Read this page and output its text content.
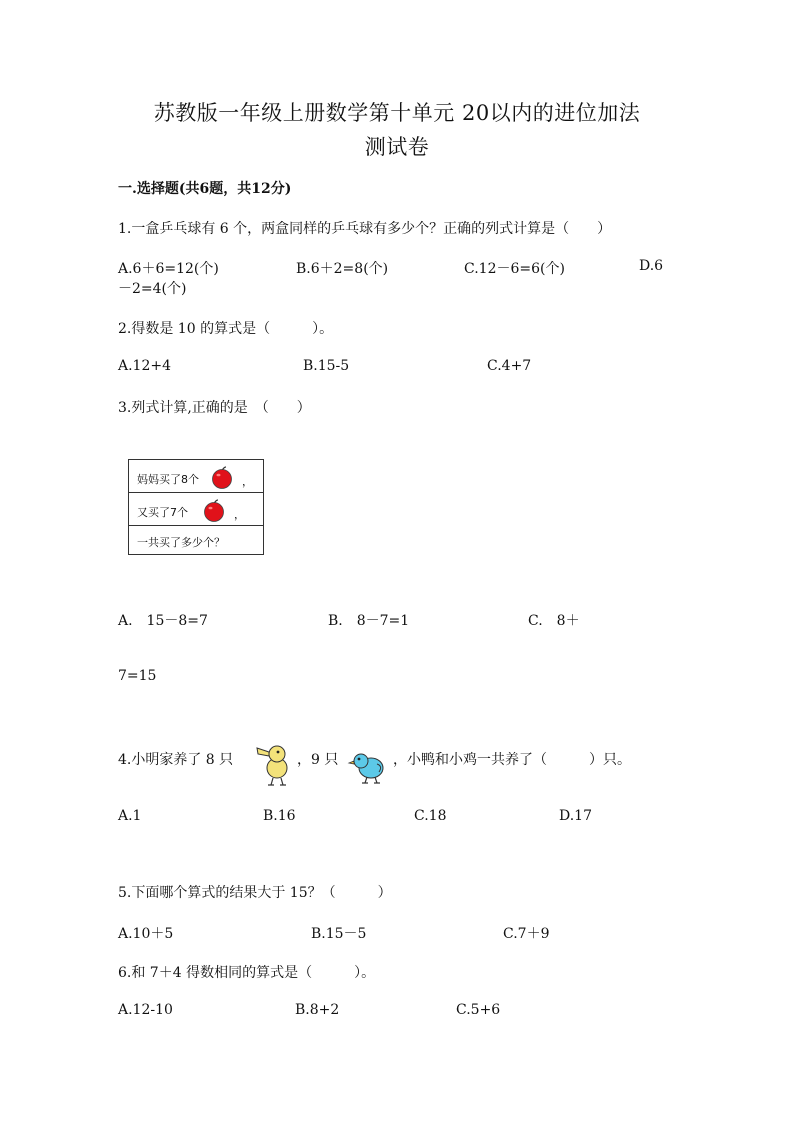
苏教版一年级上册数学第十单元 20以内的进位加法
测试卷
一.选择题(共6题，共12分)
1.一盒乒乓球有 6 个，两盒同样的乒乓球有多少个？正确的列式计算是（　　）
A.6＋6=12(个)	B.6＋2=8(个)	C.12－6=6(个)	D.6
－2=4(个)
2.得数是 10 的算式是（　　　）。
A.12+4	B.15-5	C.4+7
3.列式计算,正确的是　（　　）
妈妈买了8个	，
又买了7个	，
一共买了多少个？
A.　15－8=7	B.　8－7=1	C.　8＋
7=15
4.小明家养了 8 只	，9 只	，小鸭和小鸡一共养了（　　　）只。
A.1	B.16	C.18	D.17
5.下面哪个算式的结果大于 15？（　　　）
A.10＋5	B.15－5	C.7＋9
6.和 7＋4 得数相同的算式是（　　　）。
A.12-10	B.8+2	C.5+6
